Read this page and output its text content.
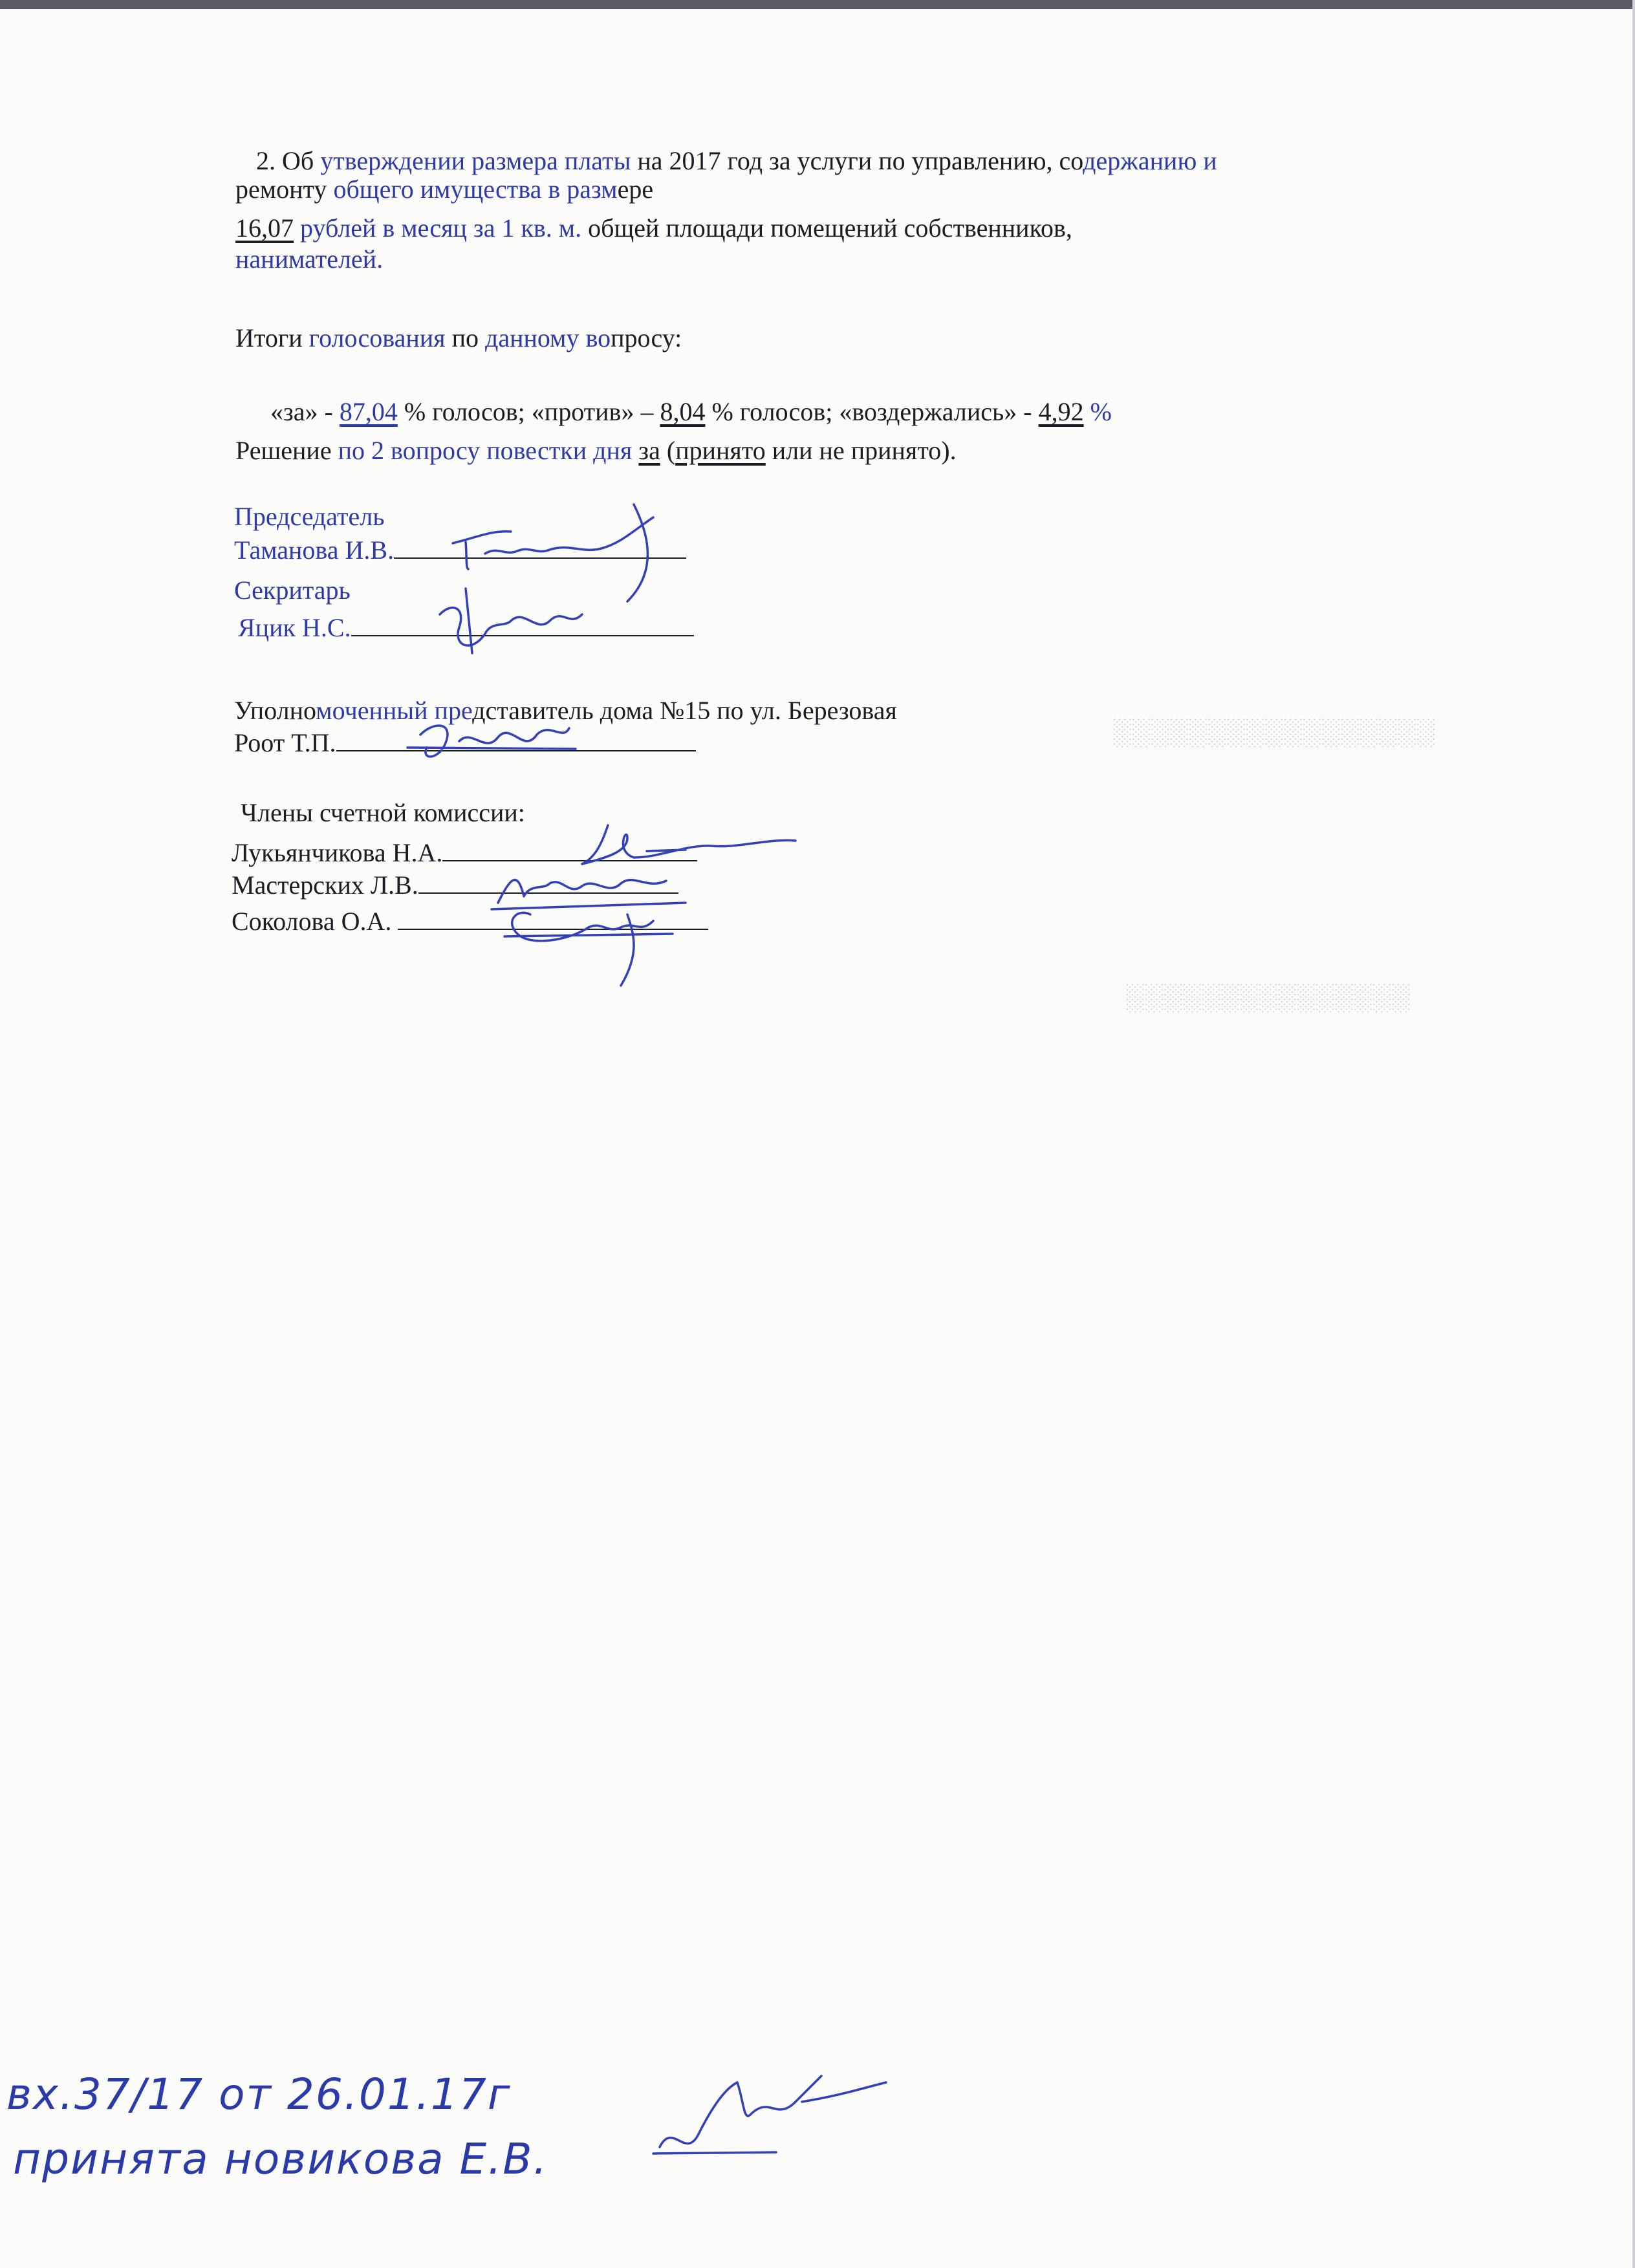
░░░░░░░░░░░░░░░░░
░░░░░░░░░░░░░░░
2. Об утверждении размера платы на 2017 год за услуги по управлению, содержанию и
ремонту общего имущества в размере
16,07 рублей в месяц за 1 кв. м. общей площади помещений собственников,
нанимателей.
Итоги голосования по данному вопросу:
«за» - 87,04 % голосов; «против» – 8,04 % голосов; «воздержались» - 4,92 %
Решение по 2 вопросу повестки дня за (принято или не принято).
Председатель
Таманова И.В.
Секритарь
Яцик Н.С.
Уполномоченный представитель дома №15 по ул. Березовая
Роот Т.П.
Члены счетной комиссии:
Лукьянчикова Н.А.
Мастерских Л.В.
Соколова О.А.
вх.37/17 от 26.01.17г
принята новикова Е.В.
